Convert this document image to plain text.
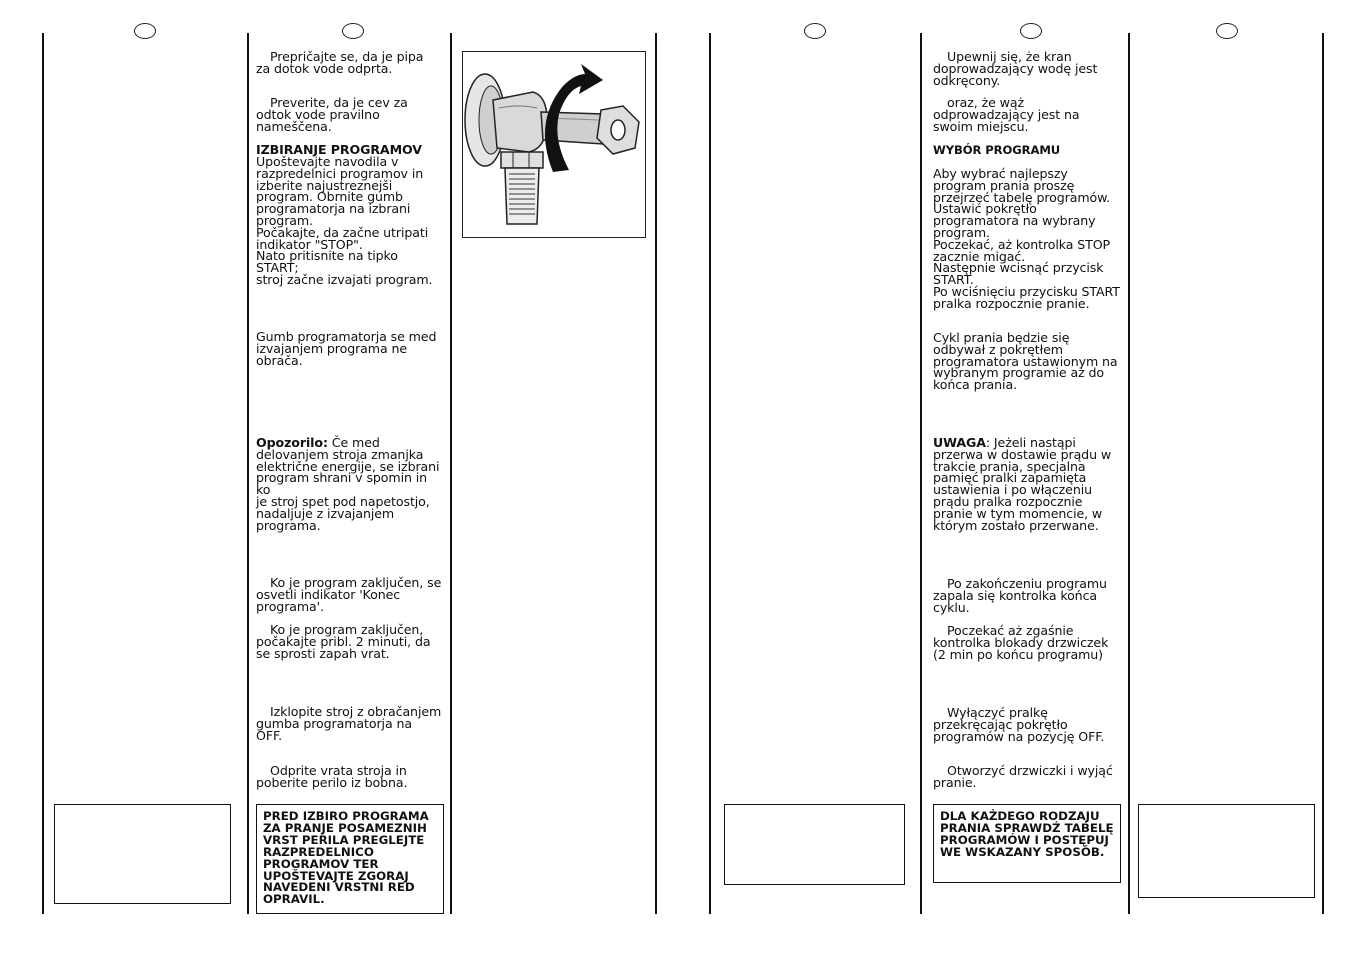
Prepričajte se, da je pipa
za dotok vode odprta.

Preverite, da je cev za
odtok vode pravilno
nameščena.

IZBIRANJE PROGRAMOV

Upoštevajte navodila v
razpredelnici programov in
izberite najustreznejši
program. Obrnite gumb
programatorja na izbrani
program.
Počakajte, da začne utripati
indikator "STOP".
Nato pritisnite na tipko START;
stroj začne izvajati program.

Gumb programatorja se med
izvajanjem programa ne
obrača.

Opozorilo: Če med
delovanjem stroja zmanjka
električne energije, se izbrani
program shrani v spomin in ko
je stroj spet pod napetostjo,
nadaljuje z izvajanjem
programa.

Ko je program zaključen, se
osvetli indikator 'Konec
programa'.

Ko je program zaključen,
počakajte pribl. 2 minuti, da
se sprosti zapah vrat.

Izklopite stroj z obračanjem
gumba programatorja na
OFF.

Odprite vrata stroja in
poberite perilo iz bobna.

PRED IZBIRO PROGRAMA
ZA PRANJE POSAMEZNIH
VRST PERILA PREGLEJTE
RAZPREDELNICO
PROGRAMOV TER
UPOŠTEVAJTE ZGORAJ
NAVEDENI VRSTNI RED
OPRAVIL.

Upewnij się, że kran
doprowadzający wodę jest
odkręcony.

oraz, że wąż
odprowadzający jest na
swoim miejscu.

WYBÓR PROGRAMU

Aby wybrać najlepszy
program prania proszę
przejrzeć tabelę programów.
Ustawić pokrętło
programatora na wybrany
program.
Poczekać, aż kontrolka STOP
zacznie migać.
Następnie wcisnąć przycisk
START.
Po wciśnięciu przycisku START
pralka rozpocznie pranie.

Cykl prania będzie się
odbywał z pokrętłem
programatora ustawionym na
wybranym programie aż do
końca prania.

UWAGA: Jeżeli nastąpi
przerwa w dostawie prądu w
trakcie prania, specjalna
pamięć pralki zapamięta
ustawienia i po włączeniu
prądu pralka rozpocznie
pranie w tym momencie, w
którym zostało przerwane.

Po zakończeniu programu
zapala się kontrolka końca
cyklu.

Poczekać aż zgaśnie
kontrolka blokady drzwiczek
(2 min po końcu programu)

Wyłączyć pralkę
przekręcając pokrętło
programów na pozycję OFF.

Otworzyć drzwiczki i wyjąć
pranie.

DLA KAŻDEGO RODZAJU
PRANIA SPRAWDŹ TABELĘ
PROGRAMÓW I POSTĘPUJ
WE WSKAZANY SPOSÓB.
